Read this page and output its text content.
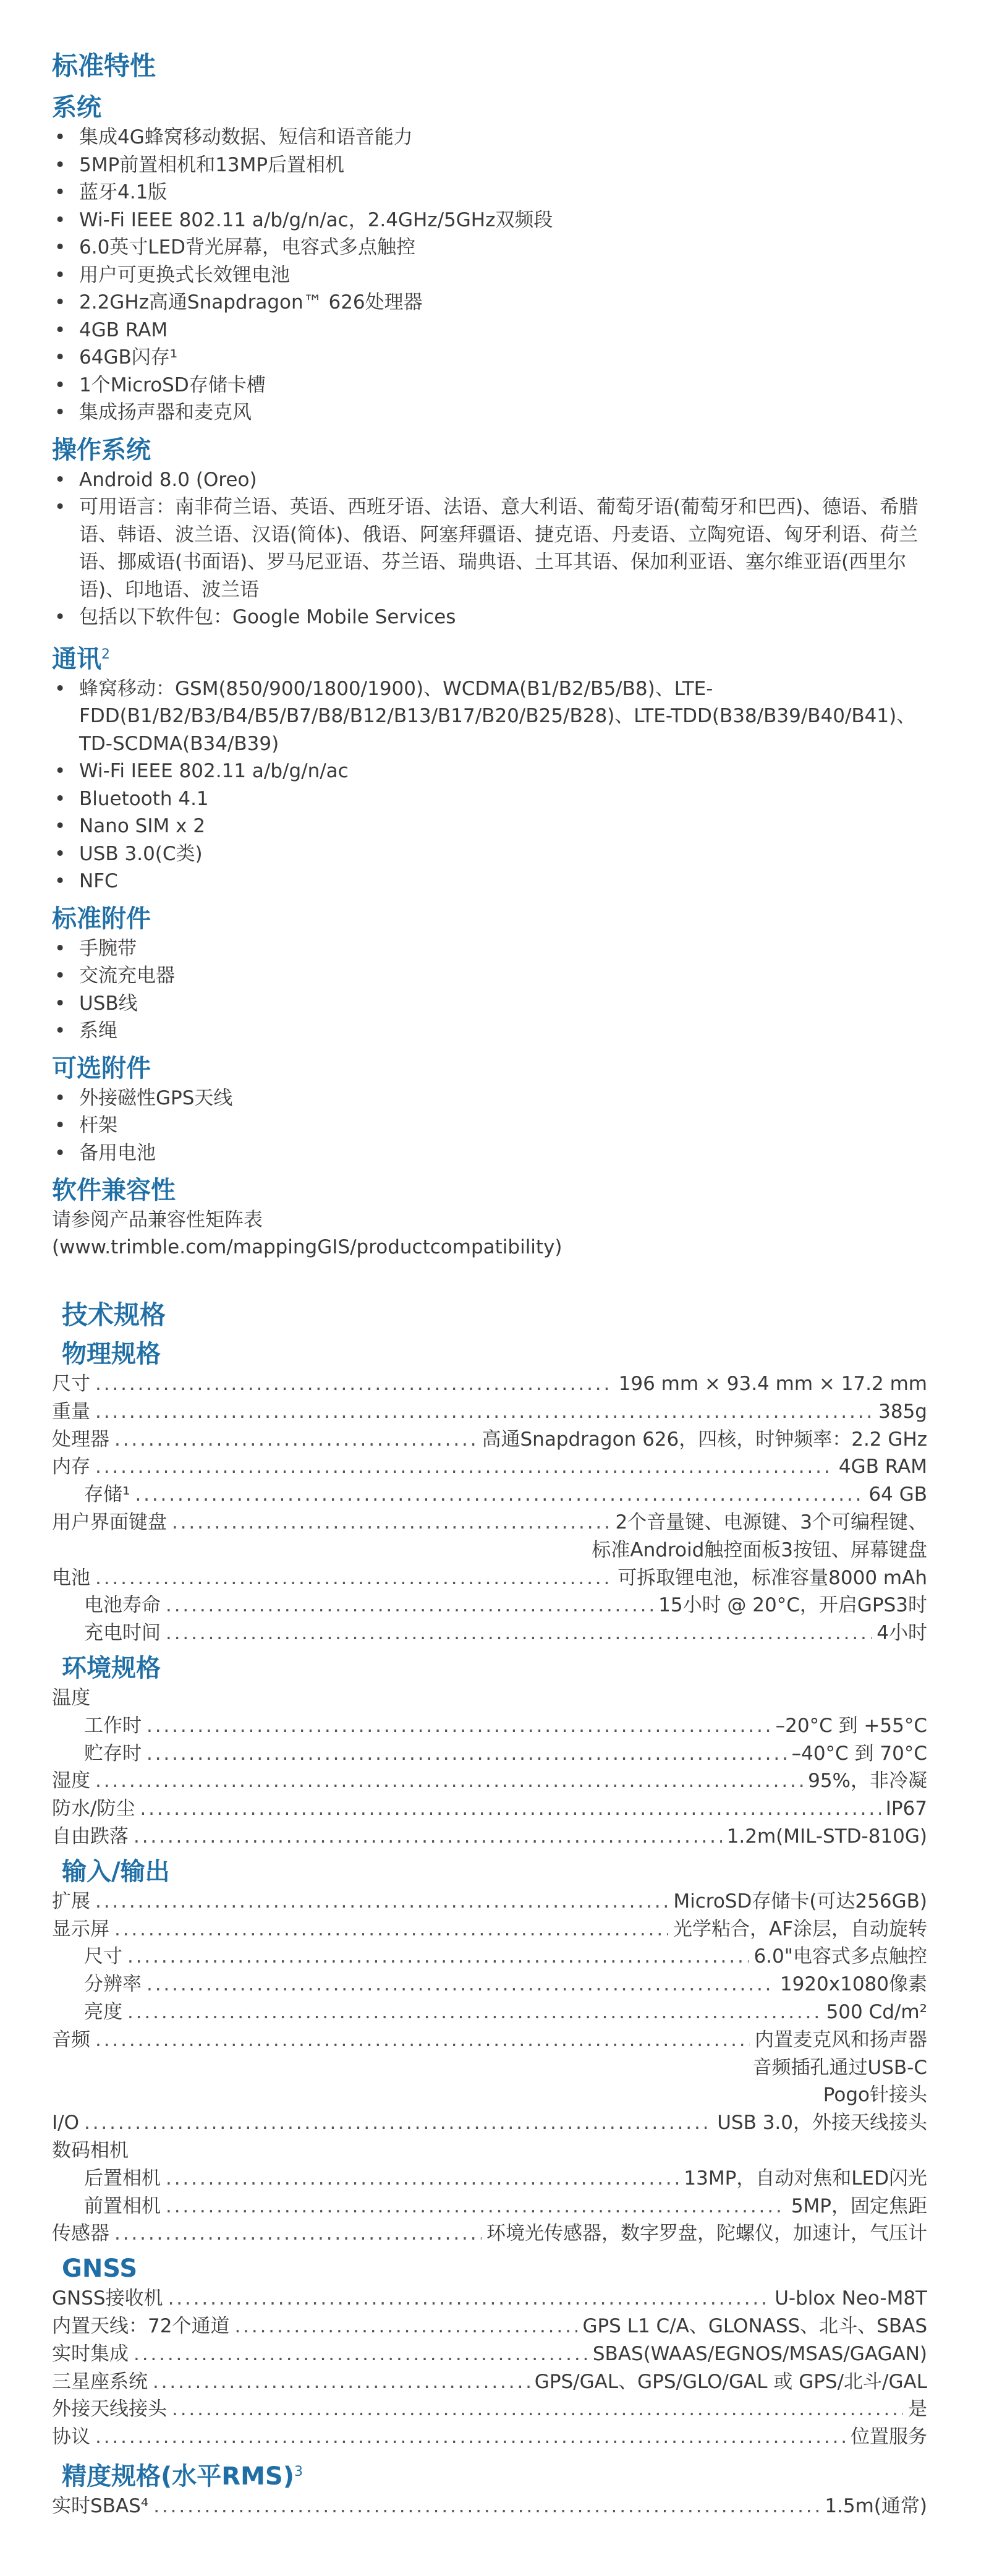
标准特性
系统
• 集成4G蜂窝移动数据、短信和语音能力
• 5MP前置相机和13MP后置相机
• 蓝牙4.1版
• Wi-Fi IEEE 802.11 a/b/g/n/ac，2.4GHz/5GHz双频段
• 6.0英寸LED背光屏幕，电容式多点触控
• 用户可更换式长效锂电池
• 2.2GHz高通Snapdragon™ 626处理器
• 4GB RAM
• 64GB闪存¹
• 1个MicroSD存储卡槽
• 集成扬声器和麦克风
操作系统
• Android 8.0 (Oreo)
• 可用语言：南非荷兰语、英语、西班牙语、法语、意大利语、葡萄牙语(葡萄牙和巴西)、德语、希腊语、韩语、波兰语、汉语(简体)、俄语、阿塞拜疆语、捷克语、丹麦语、立陶宛语、匈牙利语、荷兰语、挪威语(书面语)、罗马尼亚语、芬兰语、瑞典语、土耳其语、保加利亚语、塞尔维亚语(西里尔语)、印地语、波兰语
• 包括以下软件包：Google Mobile Services
通讯$^2$
• 蜂窝移动：GSM(850/900/1800/1900)、WCDMA(B1/B2/B5/B8)、LTE-FDD(B1/B2/B3/B4/B5/B7/B8/B12/B13/B17/B20/B25/B28)、LTE-TDD(B38/B39/B40/B41)、TD-SCDMA(B34/B39)
• Wi-Fi IEEE 802.11 a/b/g/n/ac
• Bluetooth 4.1
• Nano SIM x 2
• USB 3.0(C类)
• NFC
标准附件
• 手腕带
• 交流充电器
• USB线
• 系绳
可选附件
• 外接磁性GPS天线
• 杆架
• 备用电池
软件兼容性

请参阅产品兼容性矩阵表

(www.trimble.com/mappingGIS/productcompatibility)

技术规格
物理规格
尺寸 . . .	196 mm × 93.4 mm × 17.2 mm
重量 . . .	385g
处理器 . . .	高通Snapdragon 626，四核，时钟频率：2.2 GHz
内存 . . .	4GB RAM
存储¹ . . .	64 GB
用户界面键盘 . . .	2个音量键、电源键、3个可编程键、
标准Android触控面板3按钮、屏幕键盘
电池 . . .	可拆取锂电池，标准容量8000 mAh
电池寿命 . . .	15小时 @ 20°C，开启GPS3时
充电时间 . . .	4小时
环境规格
温度
工作时 . . .	–20°C 到 +55°C
贮存时 . . .	–40°C 到 70°C
湿度 . . .	95%，非冷凝
防水/防尘 . . .	IP67
自由跌落 . . .	1.2m(MIL-STD-810G)
输入/输出
扩展 . . .	MicroSD存储卡(可达256GB)
显示屏 . . .	光学粘合，AF涂层，自动旋转
尺寸 . . .	6.0"电容式多点触控
分辨率 . . .	1920x1080像素
亮度 . . .	500 Cd/m²
音频 . . .	内置麦克风和扬声器
音频插孔通过USB-C
Pogo针接头
I/O . . .	USB 3.0，外接天线接头
数码相机
后置相机 . . .	13MP，自动对焦和LED闪光
前置相机 . . .	5MP，固定焦距
传感器 . . .	环境光传感器，数字罗盘，陀螺仪，加速计，气压计
GNSS
GNSS接收机 . . .	U-blox Neo-M8T
内置天线：72个通道 . . .	GPS L1 C/A、GLONASS、北斗、SBAS
实时集成 . . .	SBAS(WAAS/EGNOS/MSAS/GAGAN)
三星座系统 . . .	GPS/GAL、GPS/GLO/GAL 或 GPS/北斗/GAL
外接天线接头 . . .	是
协议 . . .	位置服务
精度规格(水平RMS)$^3$
实时SBAS⁴ . . .	1.5m(通常)
